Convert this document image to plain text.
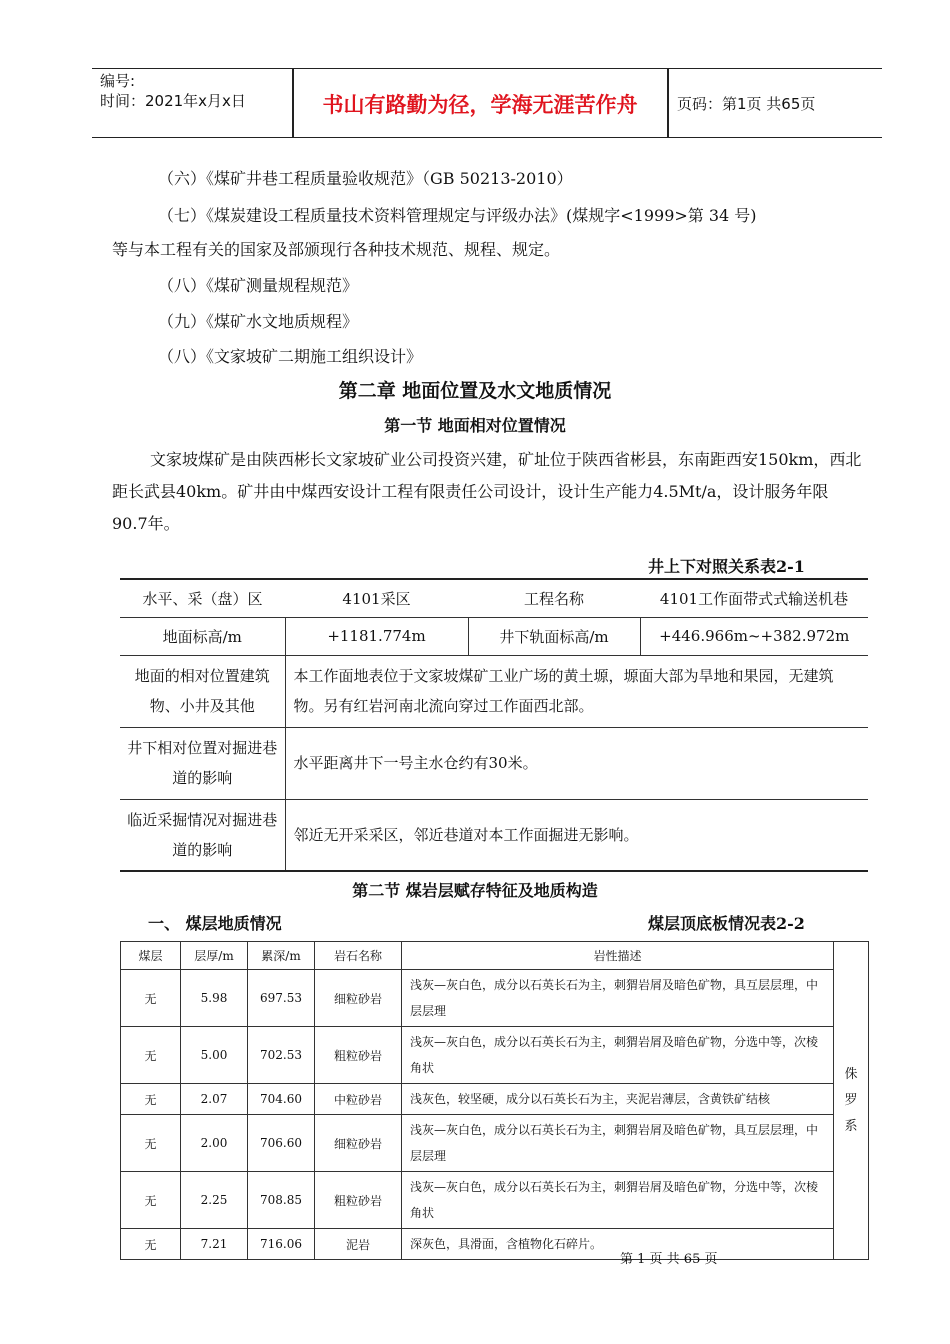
编号:
时间：2021年x月x日	书山有路勤为径，学海无涯苦作舟	页码：第1页 共65页
（六）《煤矿井巷工程质量验收规范》（GB 50213-2010）
（七）《煤炭建设工程质量技术资料管理规定与评级办法》(煤规字<1999>第 34 号)
等与本工程有关的国家及部颁现行各种技术规范、规程、规定。
（八）《煤矿测量规程规范》
（九）《煤矿水文地质规程》
（八）《文家坡矿二期施工组织设计》
第二章 地面位置及水文地质情况
第一节 地面相对位置情况
文家坡煤矿是由陕西彬长文家坡矿业公司投资兴建，矿址位于陕西省彬县，东南距西安150km，西北距长武县40km。矿井由中煤西安设计工程有限责任公司设计，设计生产能力4.5Mt/a，设计服务年限90.7年。
井上下对照关系表2-1
水平、采（盘）区	4101采区	工程名称	4101工作面带式式输送机巷
地面标高/m	+1181.774m	井下轨面标高/m	+446.966m~+382.972m
地面的相对位置建筑物、小井及其他	本工作面地表位于文家坡煤矿工业广场的黄土塬，塬面大部为旱地和果园，无建筑物。另有红岩河南北流向穿过工作面西北部。		
井下相对位置对掘进巷道的影响	水平距离井下一号主水仓约有30米。		
临近采掘情况对掘进巷道的影响	邻近无开采采区，邻近巷道对本工作面掘进无影响。		
第二节 煤岩层赋存特征及地质构造
一、 煤层地质情况	煤层顶底板情况表2-2
煤层	层厚/m	累深/m	岩石名称	岩性描述	侏罗系
无	5.98	697.53	细粒砂岩	浅灰—灰白色，成分以石英长石为主，刺猬岩屑及暗色矿物，具互层层理，中层层理	
无	5.00	702.53	粗粒砂岩	浅灰—灰白色，成分以石英长石为主，刺猬岩屑及暗色矿物，分选中等，次棱角状	
无	2.07	704.60	中粒砂岩	浅灰色，较坚硬，成分以石英长石为主，夹泥岩薄层，含黄铁矿结核	
无	2.00	706.60	细粒砂岩	浅灰—灰白色，成分以石英长石为主，刺猬岩屑及暗色矿物，具互层层理，中层层理	
无	2.25	708.85	粗粒砂岩	浅灰—灰白色，成分以石英长石为主，刺猬岩屑及暗色矿物，分选中等，次棱角状	
无	7.21	716.06	泥岩	深灰色，具滑面，含植物化石碎片。	
第 1 页 共 65 页
